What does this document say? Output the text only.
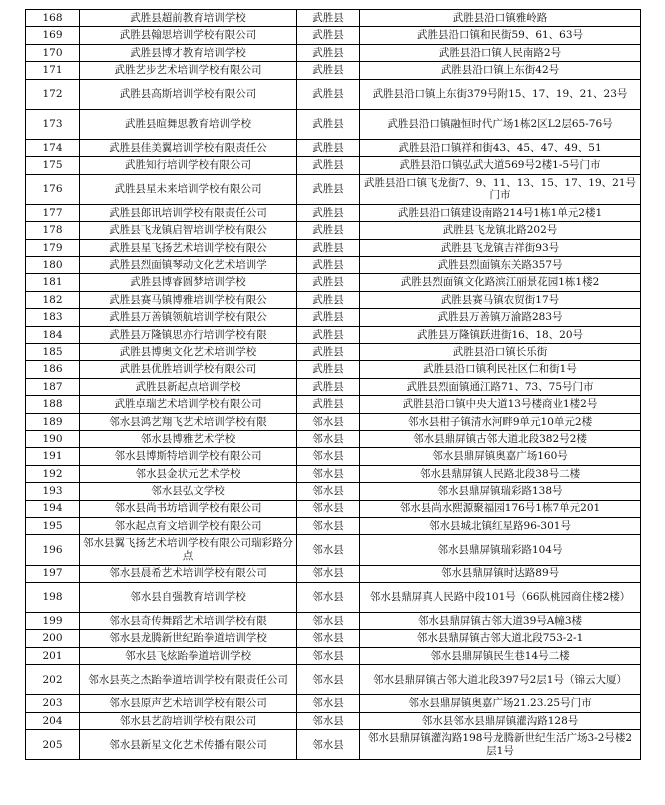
168	武胜县超前教育培训学校	武胜县	武胜县沿口镇雅岭路
169	武胜县翰思培训学校有限公司	武胜县	武胜县沿口镇和民街59、61、63号
170	武胜县博才教育培训学校	武胜县	武胜县沿口镇人民南路2号
171	武胜艺步艺术培训学校有限公司	武胜县	武胜县沿口镇上东街42号
172	武胜县高斯培训学校有限公司	武胜县	武胜县沿口镇上东街379号附15、17、19、21、23号
173	武胜县暄舞思教育培训学校	武胜县	武胜县沿口镇融恒时代广场1栋2区L2层65-76号
174	武胜县佳美翼培训学校有限责任公	武胜县	武胜县沿口镇祥和街43、45、47、49、51
175	武胜知行培训学校有限公司	武胜县	武胜县沿口镇弘武大道569号2楼1-5号门市
176	武胜县星未来培训学校有限公司	武胜县	武胜县沿口镇飞龙街7、9、11、13、15、17、19、21号门市
177	武胜县郎讯培训学校有限责任公司	武胜县	武胜县沿口镇建设南路214号1栋1单元2楼1
178	武胜县飞龙镇启智培训学校有限公	武胜县	武胜县飞龙镇北路202号
179	武胜县星飞扬艺术培训学校有限公	武胜县	武胜县飞龙镇吉祥街93号
180	武胜县烈面镇琴动文化艺术培训学	武胜县	武胜县烈面镇东关路357号
181	武胜县博睿圆梦培训学校	武胜县	武胜县烈面镇文化路滨江丽景花园1栋1楼2
182	武胜县赛马镇博雅培训学校有限公	武胜县	武胜县赛马镇农贸街17号
183	武胜县万善镇领航培训学校有限公	武胜县	武胜县万善镇万渝路283号
184	武胜县万隆镇思亦行培训学校有限	武胜县	武胜县万隆镇跃进街16、18、20号
185	武胜县博奥文化艺术培训学校	武胜县	武胜县沿口镇长乐街
186	武胜县优胜培训学校有限公司	武胜县	武胜县沿口镇利民社区仁和街1号
187	武胜县新起点培训学校	武胜县	武胜县烈面镇通江路71、73、75号门市
188	武胜卓瑞艺术培训学校有限公司	武胜县	武胜县沿口镇中央大道13号楼商业1楼2号
189	邻水县鸿艺翔飞艺术培训学校有限	邻水县	邻水县柑子镇清水河畔9单元10单元2楼
190	邻水县博雅艺术学校	邻水县	邻水县鼎屏镇古邻大道北段382号2楼
191	邻水县博斯特培训学校有限公司	邻水县	邻水县鼎屏镇奥嘉广场160号
192	邻水县金状元艺术学校	邻水县	邻水县鼎屏镇人民路北段38号二楼
193	邻水县弘文学校	邻水县	邻水县鼎屏镇瑞彩路138号
194	邻水县尚书坊培训学校有限公司	邻水县	邻水县尚水熙源聚福园176号1栋7单元201
195	邻水起点育文培训学校有限公司	邻水县	邻水县城北镇红星路96-301号
196	邻水县翼飞扬艺术培训学校有限公司瑞彩路分点	邻水县	邻水县鼎屏镇瑞彩路104号
197	邻水县晨希艺术培训学校有限公司	邻水县	邻水县鼎屏镇时达路89号
198	邻水县自强教育培训学校	邻水县	邻水县鼎屏真人民路中段101号（66队桃园商住楼2楼）
199	邻水县奇传舞蹈艺术培训学校有限	邻水县	邻水县鼎屏镇古邻大道39号A幢3楼
200	邻水县龙腾新世纪跆拳道培训学校	邻水县	邻水县鼎屏镇古邻大道北段753-2-1
201	邻水县飞炫跆拳道培训学校	邻水县	邻水县鼎屏镇民生巷14号二楼
202	邻水县英之杰跆拳道培训学校有限责任公司	邻水县	邻水县鼎屏镇古邻大道北段397号2层1号（锦云大厦）
203	邻水县原声艺术培训学校有限公司	邻水县	邻水县鼎屏镇奥嘉广场21.23.25号门市
204	邻水县艺韵培训学校有限公司	邻水县	邻水县邻水县鼎屏镇灌沟路128号
205	邻水县新星文化艺术传播有限公司	邻水县	邻水县鼎屏镇灌沟路198号龙腾新世纪生活广场3-2号楼2层1号
